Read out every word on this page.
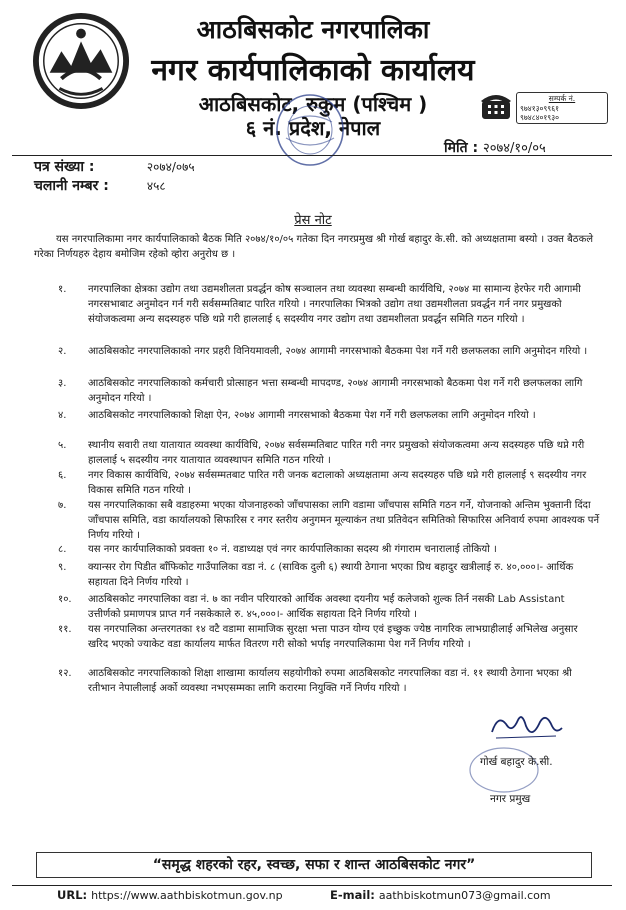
आठबिसकोट नगरपालिका
नगर कार्यपालिकाको कार्यालय
आठबिसकोट, रुकुम (पश्चिम )
६ नं. प्रदेश, नेपाल
सम्पर्क नं.
९७४१३०९९६१
९७४८४०१९३०
मिति : २०७४/१०/०५
पत्र संख्या :	२०७४/०७५
चलानी नम्बर :	४५८
प्रेस नोट
यस नगरपालिकामा नगर कार्यपालिकाको बैठक मिति २०७४/१०/०५ गतेका दिन नगरप्रमुख श्री गोर्ख बहादुर के.सी. को अध्यक्षतामा बस्यो । उक्त बैठकले गरेका निर्णयहरु देहाय बमोजिम रहेको व्होरा अनुरोध छ ।
१. नगरपालिका क्षेत्रका उद्योग तथा उद्यमशीलता प्रवर्द्धन कोष सञ्चालन तथा व्यवस्था सम्बन्धी कार्यविधि, २०७४ मा सामान्य हेरफेर गरी आगामी नगरसभाबाट अनुमोदन गर्न गरी सर्वसम्मतिबाट पारित गरियो । नगरपालिका भित्रको उद्योग तथा उद्यमशीलता प्रवर्द्धन गर्न नगर प्रमुखको संयोजकत्वमा अन्य सदस्यहरु पछि थप्ने गरी हाललाई ६ सदस्यीय नगर उद्योग तथा उद्यमशीलता प्रवर्द्धन समिति गठन गरियो ।
२. आठबिसकोट नगरपालिकाको नगर प्रहरी विनियमावली, २०७४ आगामी नगरसभाको बैठकमा पेश गर्ने गरी छलफलका लागि अनुमोदन गरियो ।
३. आठबिसकोट नगरपालिकाको कर्मचारी प्रोत्साहन भत्ता सम्बन्धी मापदण्ड, २०७४ आगामी नगरसभाको बैठकमा पेश गर्ने गरी छलफलका लागि अनुमोदन गरियो ।
४. आठबिसकोट नगरपालिकाको शिक्षा ऐन, २०७४ आगामी नगरसभाको बैठकमा पेश गर्ने गरी छलफलका लागि अनुमोदन गरियो ।
५. स्थानीय सवारी तथा यातायात व्यवस्था कार्यविधि, २०७४ सर्वसम्मतिबाट पारित गरी नगर प्रमुखको संयोजकत्वमा अन्य सदस्यहरु पछि थप्ने गरी हाललाई ५ सदस्यीय नगर यातायात व्यवस्थापन समिति गठन गरियो ।
६. नगर विकास कार्यविधि, २०७४ सर्वसम्मतबाट पारित गरी जनक बटालाको अध्यक्षतामा अन्य सदस्यहरु पछि थप्ने गरी हाललाई ९ सदस्यीय नगर विकास समिति गठन गरियो ।
७. यस नगरपालिकाका सबै वडाहरुमा भएका योजनाहरुको जाँचपासका लागि वडामा जाँचपास समिति गठन गर्ने, योजनाको अन्तिम भुक्तानी दिंदा जाँचपास समिति, वडा कार्यालयको सिफारिस र नगर स्तरीय अनुगमन मूल्याकंन तथा प्रतिवेदन समितिको सिफारिस अनिवार्य रुपमा आवश्यक पर्ने निर्णय गरियो ।
८. यस नगर कार्यपालिकाको प्रवक्ता १० नं. वडाध्यक्ष एवं नगर कार्यपालिकाका सदस्य श्री गंगाराम चनारालाई तोकियो ।
९. क्यान्सर रोग पिडीत बाँफिकोट गाउँपालिका वडा नं. ८ (साविक दुली ६) स्थायी ठेगाना भएका प्रिथ बहादुर खत्रीलाई रु. ४०,०००।- आर्थिक सहायता दिने निर्णय गरियो ।
१०. आठबिसकोट नगरपालिका वडा नं. ७ का नवीन परियारको आर्थिक अवस्था दयनीय भई कलेजको शुल्क तिर्न नसकी Lab Assistant उत्तीर्णको प्रमाणपत्र प्राप्त गर्न नसकेकाले रु. ४५,०००।- आर्थिक सहायता दिने निर्णय गरियो ।
११. यस नगरपालिका अन्तरगतका १४ वटै वडामा सामाजिक सुरक्षा भत्ता पाउन योग्य एवं इच्छुक ज्येष्ठ नागरिक लाभग्राहीलाई अभिलेख अनुसार खरिद भएको ज्याकेट वडा कार्यालय मार्फत वितरण गरी सोको भर्पाइ नगरपालिकामा पेश गर्ने निर्णय गरियो ।
१२. आठबिसकोट नगरपालिकाको शिक्षा शाखामा कार्यालय सहयोगीको रुपमा आठबिसकोट नगरपालिका वडा नं. ११ स्थायी ठेगाना भएका श्री रतीभान नेपालीलाई अर्को व्यवस्था नभएसम्मका लागि करारमा नियुक्ति गर्ने निर्णय गरियो ।
गोर्ख बहादुर के.सी.
नगर प्रमुख
“समृद्ध शहरको रहर, स्वच्छ, सफा र शान्त आठबिसकोट नगर”
URL: https://www.aathbiskotmun.gov.np	E-mail: aathbiskotmun073@gmail.com
